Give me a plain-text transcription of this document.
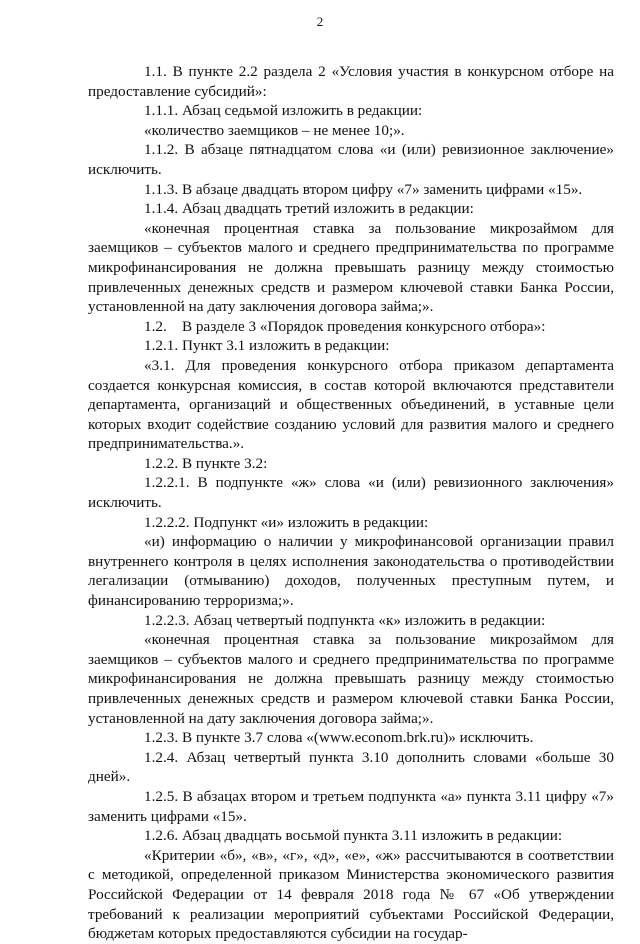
2

1.1. В пункте 2.2 раздела 2 «Условия участия в конкурсном отборе на предоставление субсидий»:

1.1.1. Абзац седьмой изложить в редакции:

«количество заемщиков – не менее 10;».

1.1.2. В абзаце пятнадцатом слова «и (или) ревизионное заключение» исключить.

1.1.3. В абзаце двадцать втором цифру «7» заменить цифрами «15».

1.1.4. Абзац двадцать третий изложить в редакции:

«конечная процентная ставка за пользование микрозаймом для заемщиков – субъектов малого и среднего предпринимательства по программе микрофинансирования не должна превышать разницу между стоимостью привлеченных денежных средств и размером ключевой ставки Банка России, установленной на дату заключения договора займа;».

1.2.    В разделе 3 «Порядок проведения конкурсного отбора»:

1.2.1. Пункт 3.1 изложить в редакции:

«3.1. Для проведения конкурсного отбора приказом департамента создается конкурсная комиссия, в состав которой включаются представители департамента, организаций и общественных объединений, в уставные цели которых входит содействие созданию условий для развития малого и среднего предпринимательства.».

1.2.2. В пункте 3.2:

1.2.2.1. В подпункте «ж» слова «и (или) ревизионного заключения» исключить.

1.2.2.2. Подпункт «и» изложить в редакции:

«и) информацию о наличии у микрофинансовой организации правил внутреннего контроля в целях исполнения законодательства о противодействии легализации (отмыванию) доходов, полученных преступным путем, и финансированию терроризма;».

1.2.2.3. Абзац четвертый подпункта «к» изложить в редакции:

«конечная процентная ставка за пользование микрозаймом для заемщиков – субъектов малого и среднего предпринимательства по программе микрофинансирования не должна превышать разницу между стоимостью привлеченных денежных средств и размером ключевой ставки Банка России, установленной на дату заключения договора займа;».

1.2.3. В пункте 3.7 слова «(www.econom.brk.ru)» исключить.

1.2.4. Абзац четвертый пункта 3.10 дополнить словами «больше 30 дней».

1.2.5. В абзацах втором и третьем подпункта «а» пункта 3.11 цифру «7» заменить цифрами «15».

1.2.6. Абзац двадцать восьмой пункта 3.11 изложить в редакции:

«Критерии «б», «в», «г», «д», «е», «ж» рассчитываются в соответствии с методикой, определенной приказом Министерства экономического развития Российской Федерации от 14 февраля 2018 года № 67 «Об утверждении требований к реализации мероприятий субъектами Российской Федерации, бюджетам которых предоставляются субсидии на государ-
